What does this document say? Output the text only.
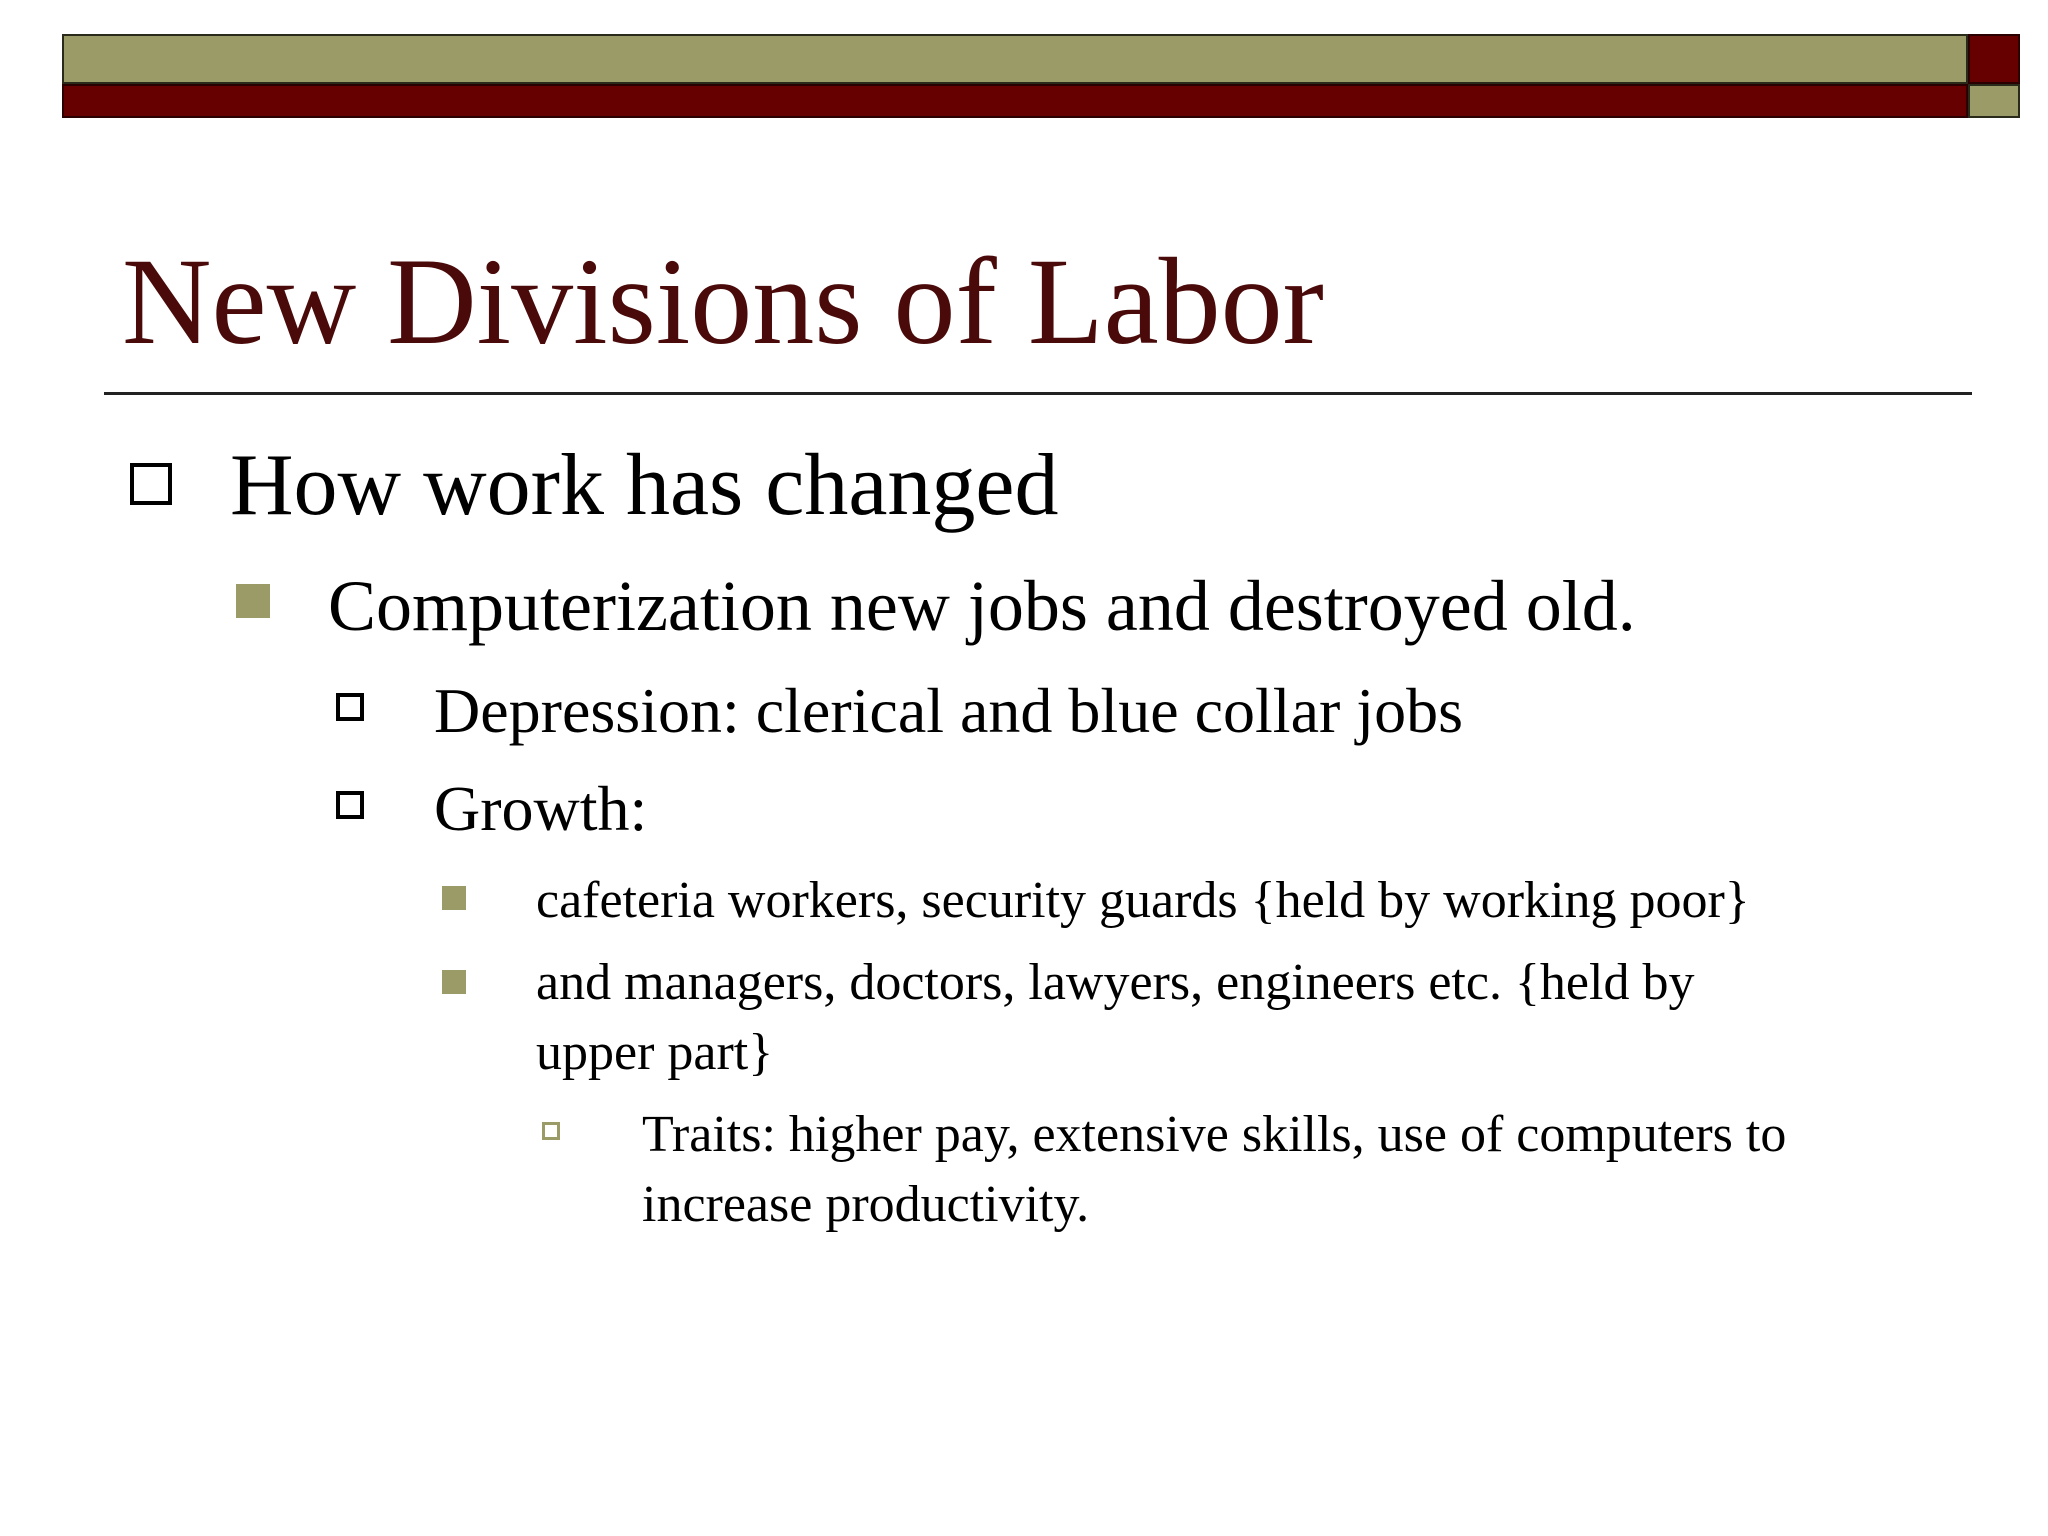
New Divisions of Labor
How work has changed
Computerization new jobs and destroyed old.
Depression: clerical and blue collar jobs
Growth:
cafeteria workers, security guards {held by working poor}
and managers, doctors, lawyers, engineers etc. {held by
upper part}
Traits: higher pay, extensive skills, use of computers to
increase productivity.
